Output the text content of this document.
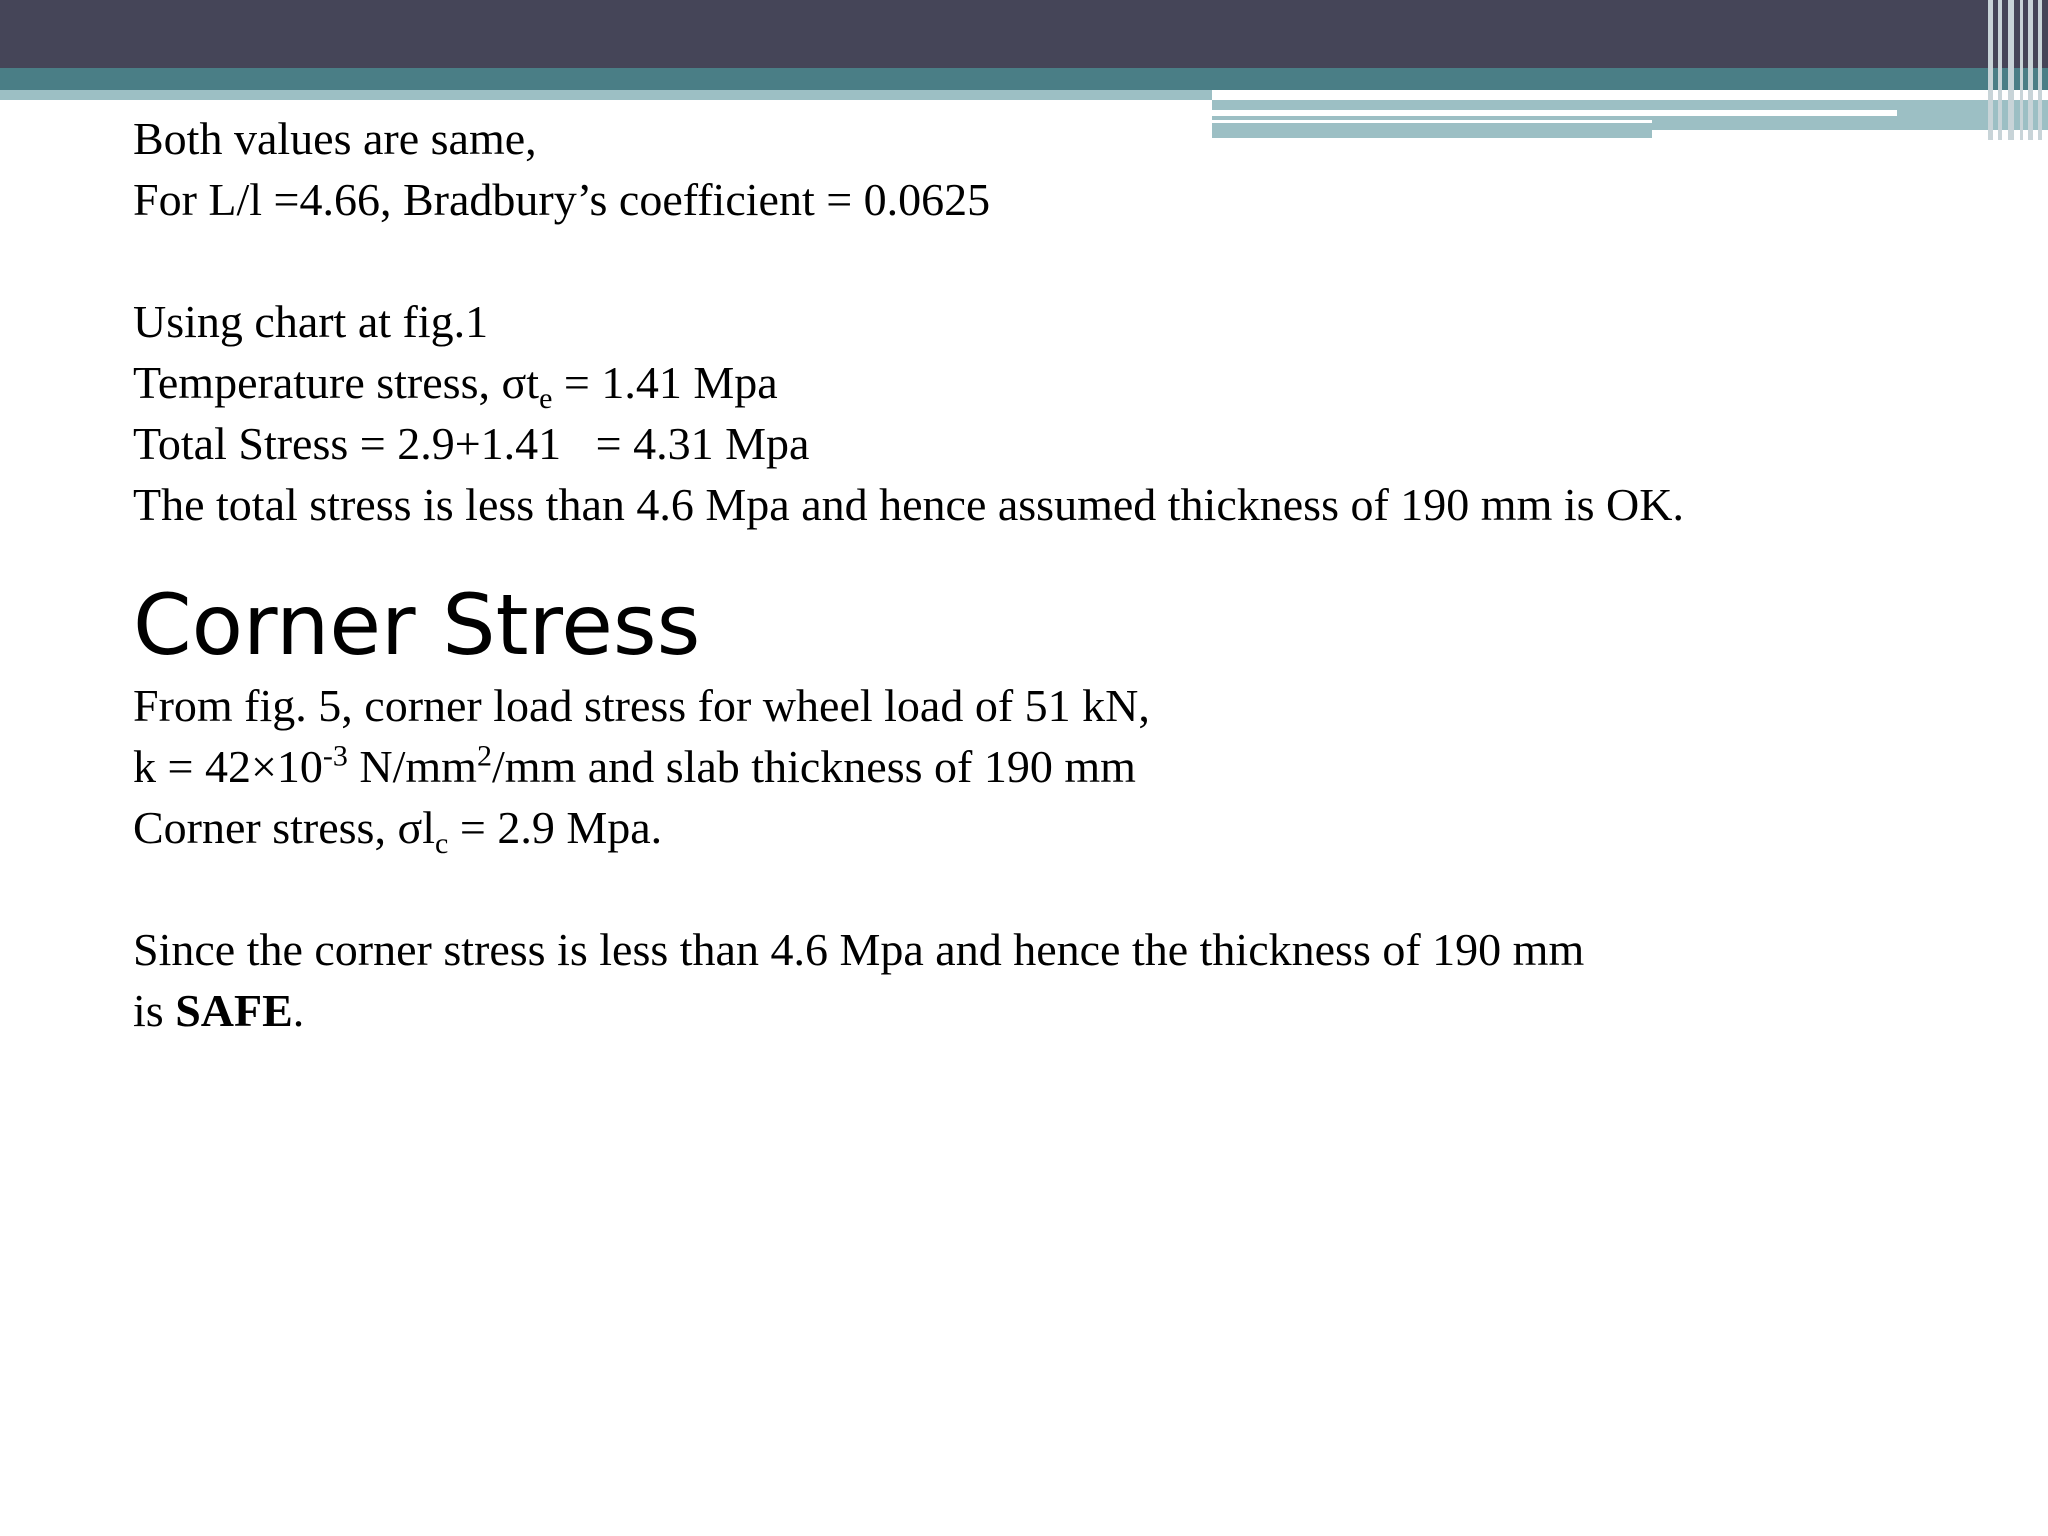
Both values are same,
For L/l =4.66, Bradbury’s coefficient = 0.0625
Using chart at fig.1
Temperature stress, $\sigma t_e = 1.41$ Mpa
Total Stress = 2.9+1.41   = 4.31 Mpa
The total stress is less than 4.6 Mpa and hence assumed thickness of 190 mm is OK.
Corner Stress
From fig. 5, corner load stress for wheel load of 51 kN,
$k = 42\times 10^{-3}$ $N/mm^2/mm$ and slab thickness of 190 mm
Corner stress, $\sigma l_c = 2.9$ Mpa.
Since the corner stress is less than 4.6 Mpa and hence the thickness of 190 mm
is SAFE.
